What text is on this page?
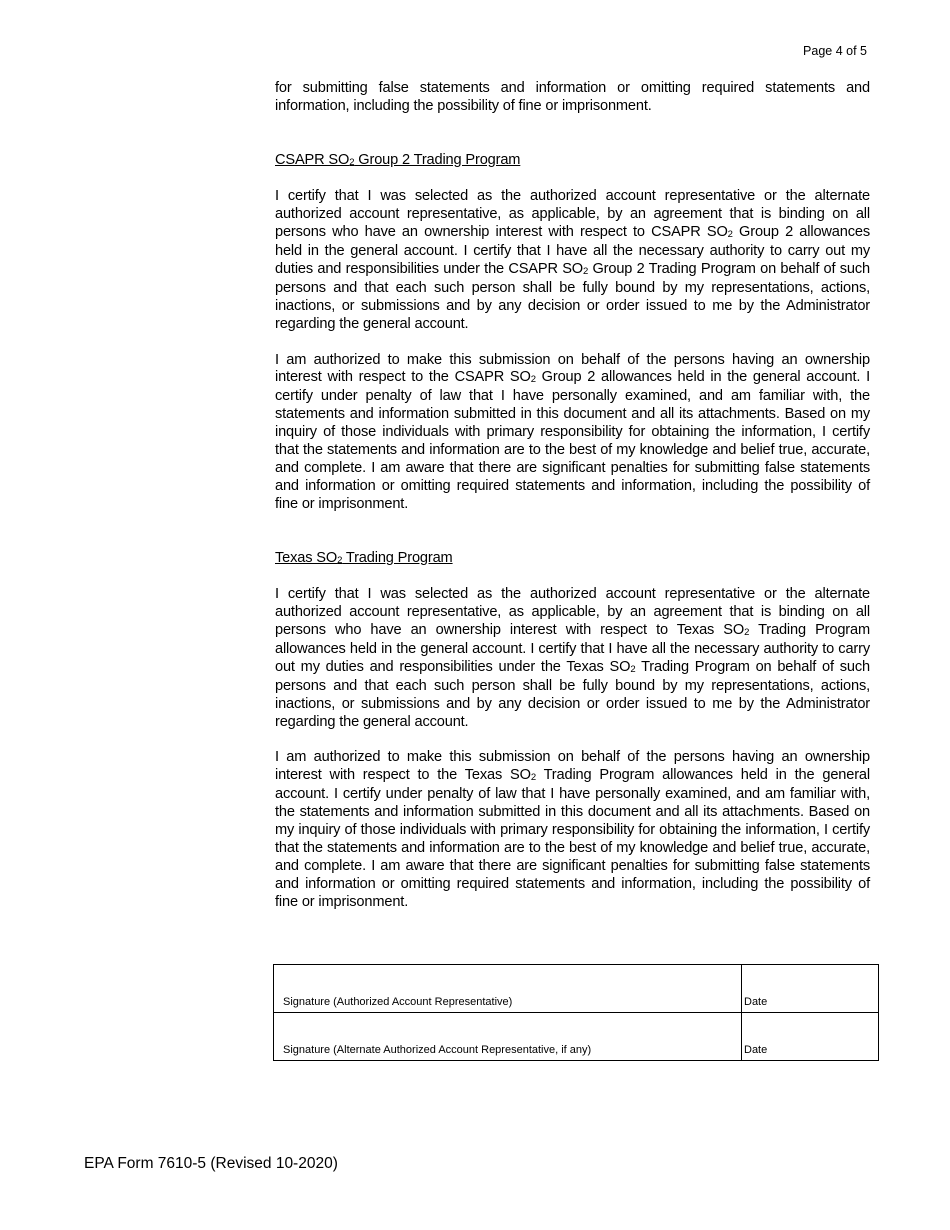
Page 4 of 5

for submitting false statements and information or omitting required statements and information, including the possibility of fine or imprisonment.

CSAPR $SO_2$ Group 2 Trading Program

I certify that I was selected as the authorized account representative or the alternate authorized account representative, as applicable, by an agreement that is binding on all persons who have an ownership interest with respect to CSAPR $SO_2$ Group 2 allowances held in the general account. I certify that I have all the necessary authority to carry out my duties and responsibilities under the CSAPR $SO_2$ Group 2 Trading Program on behalf of such persons and that each such person shall be fully bound by my representations, actions, inactions, or submissions and by any decision or order issued to me by the Administrator regarding the general account.

I am authorized to make this submission on behalf of the persons having an ownership interest with respect to the CSAPR $SO_2$ Group 2 allowances held in the general account. I certify under penalty of law that I have personally examined, and am familiar with, the statements and information submitted in this document and all its attachments. Based on my inquiry of those individuals with primary responsibility for obtaining the information, I certify that the statements and information are to the best of my knowledge and belief true, accurate, and complete. I am aware that there are significant penalties for submitting false statements and information or omitting required statements and information, including the possibility of fine or imprisonment.

Texas $SO_2$ Trading Program

I certify that I was selected as the authorized account representative or the alternate authorized account representative, as applicable, by an agreement that is binding on all persons who have an ownership interest with respect to Texas $SO_2$ Trading Program allowances held in the general account. I certify that I have all the necessary authority to carry out my duties and responsibilities under the Texas $SO_2$ Trading Program on behalf of such persons and that each such person shall be fully bound by my representations, actions, inactions, or submissions and by any decision or order issued to me by the Administrator regarding the general account.

I am authorized to make this submission on behalf of the persons having an ownership interest with respect to the Texas $SO_2$ Trading Program allowances held in the general account. I certify under penalty of law that I have personally examined, and am familiar with, the statements and information submitted in this document and all its attachments. Based on my inquiry of those individuals with primary responsibility for obtaining the information, I certify that the statements and information are to the best of my knowledge and belief true, accurate, and complete. I am aware that there are significant penalties for submitting false statements and information or omitting required statements and information, including the possibility of fine or imprisonment.

Signature (Authorized Account Representative)	Date
Signature (Alternate Authorized Account Representative, if any)	Date
EPA Form 7610-5 (Revised 10-2020)
